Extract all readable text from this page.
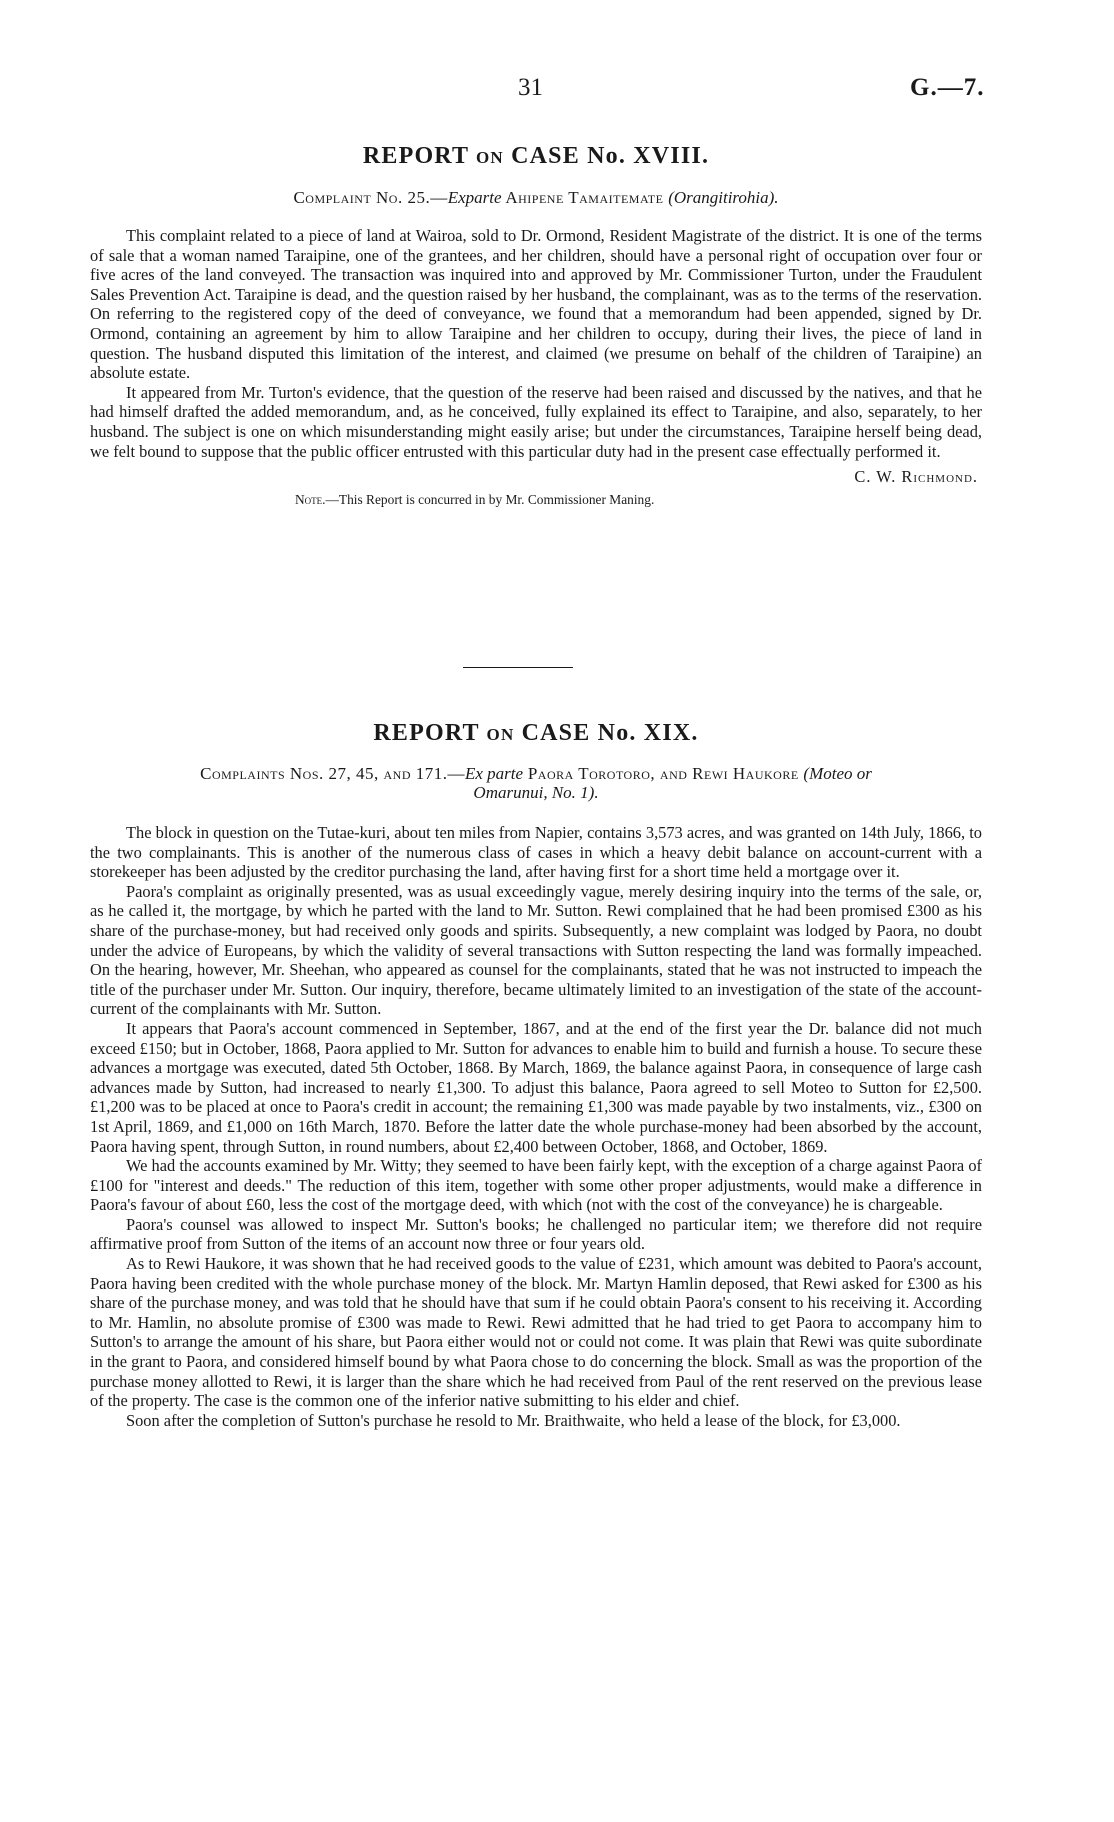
31	G.—7.
REPORT ON CASE No. XVIII.

Complaint No. 25.—Exparte Ahipene Tamaitemate (Orangitirohia).

This complaint related to a piece of land at Wairoa, sold to Dr. Ormond, Resident Magistrate of the district. It is one of the terms of sale that a woman named Taraipine, one of the grantees, and her children, should have a personal right of occupation over four or five acres of the land conveyed. The transaction was inquired into and approved by Mr. Commissioner Turton, under the Fraudulent Sales Prevention Act. Taraipine is dead, and the question raised by her husband, the complainant, was as to the terms of the reservation. On referring to the registered copy of the deed of conveyance, we found that a memorandum had been appended, signed by Dr. Ormond, containing an agreement by him to allow Taraipine and her children to occupy, during their lives, the piece of land in question. The husband disputed this limitation of the interest, and claimed (we presume on behalf of the children of Taraipine) an absolute estate.

It appeared from Mr. Turton's evidence, that the question of the reserve had been raised and discussed by the natives, and that he had himself drafted the added memorandum, and, as he conceived, fully explained its effect to Taraipine, and also, separately, to her husband. The subject is one on which misunderstanding might easily arise; but under the circumstances, Taraipine herself being dead, we felt bound to suppose that the public officer entrusted with this particular duty had in the present case effectually performed it.

C. W. Richmond.

Note.—This Report is concurred in by Mr. Commissioner Maning.

REPORT ON CASE No. XIX.

Complaints Nos. 27, 45, and 171.—Ex parte Paora Torotoro, and Rewi Haukore (Moteo or
Omarunui, No. 1).

The block in question on the Tutae-kuri, about ten miles from Napier, contains 3,573 acres, and was granted on 14th July, 1866, to the two complainants. This is another of the numerous class of cases in which a heavy debit balance on account-current with a storekeeper has been adjusted by the creditor purchasing the land, after having first for a short time held a mortgage over it.

Paora's complaint as originally presented, was as usual exceedingly vague, merely desiring inquiry into the terms of the sale, or, as he called it, the mortgage, by which he parted with the land to Mr. Sutton. Rewi complained that he had been promised £300 as his share of the purchase-money, but had received only goods and spirits. Subsequently, a new complaint was lodged by Paora, no doubt under the advice of Europeans, by which the validity of several transactions with Sutton respecting the land was formally impeached. On the hearing, however, Mr. Sheehan, who appeared as counsel for the complainants, stated that he was not instructed to impeach the title of the purchaser under Mr. Sutton. Our inquiry, therefore, became ultimately limited to an investigation of the state of the account-current of the complainants with Mr. Sutton.

It appears that Paora's account commenced in September, 1867, and at the end of the first year the Dr. balance did not much exceed £150; but in October, 1868, Paora applied to Mr. Sutton for advances to enable him to build and furnish a house. To secure these advances a mortgage was executed, dated 5th October, 1868. By March, 1869, the balance against Paora, in consequence of large cash advances made by Sutton, had increased to nearly £1,300. To adjust this balance, Paora agreed to sell Moteo to Sutton for £2,500. £1,200 was to be placed at once to Paora's credit in account; the remaining £1,300 was made payable by two instalments, viz., £300 on 1st April, 1869, and £1,000 on 16th March, 1870. Before the latter date the whole purchase-money had been absorbed by the account, Paora having spent, through Sutton, in round numbers, about £2,400 between October, 1868, and October, 1869.

We had the accounts examined by Mr. Witty; they seemed to have been fairly kept, with the exception of a charge against Paora of £100 for "interest and deeds." The reduction of this item, together with some other proper adjustments, would make a difference in Paora's favour of about £60, less the cost of the mortgage deed, with which (not with the cost of the conveyance) he is chargeable.

Paora's counsel was allowed to inspect Mr. Sutton's books; he challenged no particular item; we therefore did not require affirmative proof from Sutton of the items of an account now three or four years old.

As to Rewi Haukore, it was shown that he had received goods to the value of £231, which amount was debited to Paora's account, Paora having been credited with the whole purchase money of the block. Mr. Martyn Hamlin deposed, that Rewi asked for £300 as his share of the purchase money, and was told that he should have that sum if he could obtain Paora's consent to his receiving it. According to Mr. Hamlin, no absolute promise of £300 was made to Rewi. Rewi admitted that he had tried to get Paora to accompany him to Sutton's to arrange the amount of his share, but Paora either would not or could not come. It was plain that Rewi was quite subordinate in the grant to Paora, and considered himself bound by what Paora chose to do concerning the block. Small as was the proportion of the purchase money allotted to Rewi, it is larger than the share which he had received from Paul of the rent reserved on the previous lease of the property. The case is the common one of the inferior native submitting to his elder and chief.

Soon after the completion of Sutton's purchase he resold to Mr. Braithwaite, who held a lease of the block, for £3,000.
